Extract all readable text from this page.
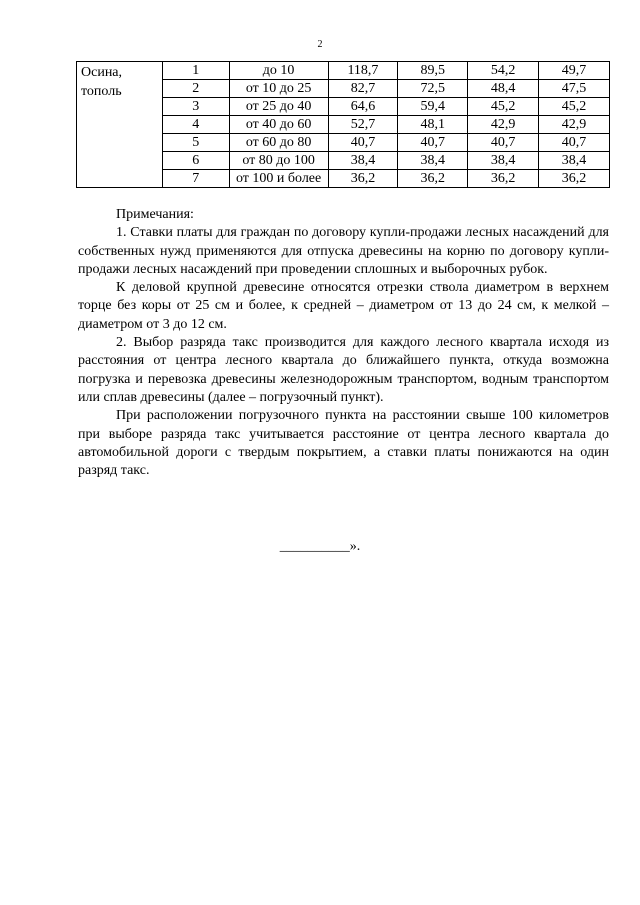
2
Осина,
тополь	1	до 10	118,7	89,5	54,2	49,7
	2	от 10 до 25	82,7	72,5	48,4	47,5
	3	от 25 до 40	64,6	59,4	45,2	45,2
	4	от 40 до 60	52,7	48,1	42,9	42,9
	5	от 60 до 80	40,7	40,7	40,7	40,7
	6	от 80 до 100	38,4	38,4	38,4	38,4
	7	от 100 и более	36,2	36,2	36,2	36,2

Примечания:

1. Ставки платы для граждан по договору купли-продажи лесных насаждений для собственных нужд применяются для отпуска древесины на корню по договору купли-продажи лесных насаждений при проведении сплошных и выборочных рубок.

К деловой крупной древесине относятся отрезки ствола диаметром в верхнем торце без коры от 25 см и более, к средней – диаметром от 13 до 24 см, к мелкой – диаметром от 3 до 12 см.

2. Выбор разряда такс производится для каждого лесного квартала исходя из расстояния от центра лесного квартала до ближайшего пункта, откуда возможна погрузка и перевозка древесины железнодорожным транспортом, водным транспортом или сплав древесины (далее – погрузочный пункт).

При расположении погрузочного пункта на расстоянии свыше 100 километров при выборе разряда такс учитывается расстояние от центра лесного квартала до автомобильной дороги с твердым покрытием, а ставки платы понижаются на один разряд такс.

__________».
